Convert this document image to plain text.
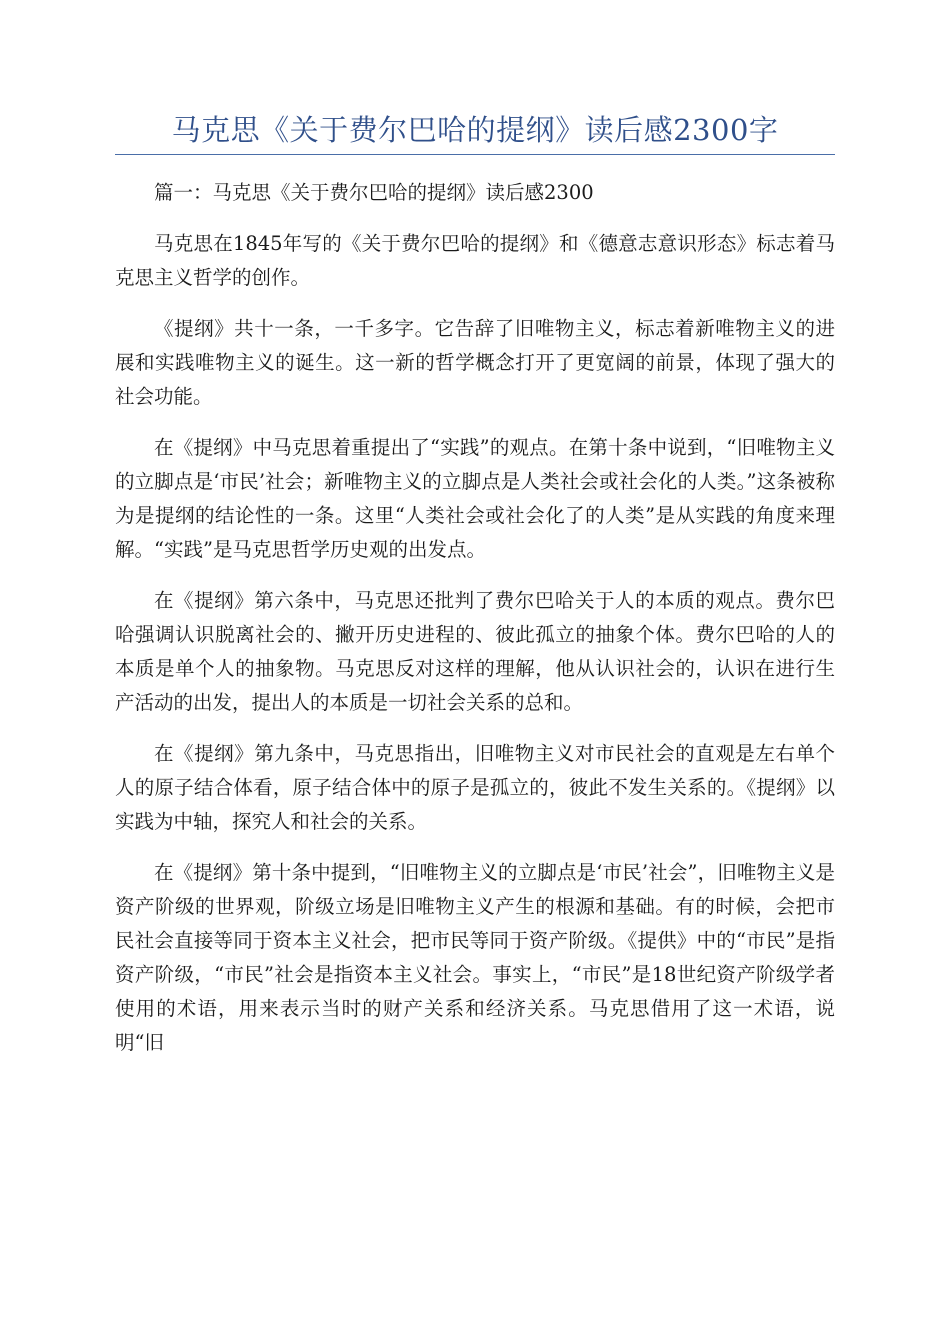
马克思《关于费尔巴哈的提纲》读后感2300字

篇一：马克思《关于费尔巴哈的提纲》读后感2300

马克思在1845年写的《关于费尔巴哈的提纲》和《德意志意识形态》标志着马克思主义哲学的创作。

《提纲》共十一条，一千多字。它告辞了旧唯物主义，标志着新唯物主义的进展和实践唯物主义的诞生。这一新的哲学概念打开了更宽阔的前景，体现了强大的社会功能。

在《提纲》中马克思着重提出了“实践”的观点。在第十条中说到，“旧唯物主义的立脚点是‘市民’社会；新唯物主义的立脚点是人类社会或社会化的人类。”这条被称为是提纲的结论性的一条。这里“人类社会或社会化了的人类”是从实践的角度来理解。“实践”是马克思哲学历史观的出发点。

在《提纲》第六条中，马克思还批判了费尔巴哈关于人的本质的观点。费尔巴哈强调认识脱离社会的、撇开历史进程的、彼此孤立的抽象个体。费尔巴哈的人的本质是单个人的抽象物。马克思反对这样的理解，他从认识社会的，认识在进行生产活动的出发，提出人的本质是一切社会关系的总和。

在《提纲》第九条中，马克思指出，旧唯物主义对市民社会的直观是左右单个人的原子结合体看，原子结合体中的原子是孤立的，彼此不发生关系的。《提纲》以实践为中轴，探究人和社会的关系。

在《提纲》第十条中提到，“旧唯物主义的立脚点是‘市民’社会”，旧唯物主义是资产阶级的世界观，阶级立场是旧唯物主义产生的根源和基础。有的时候，会把市民社会直接等同于资本主义社会，把市民等同于资产阶级。《提供》中的“市民”是指资产阶级，“市民”社会是指资本主义社会。事实上，“市民”是18世纪资产阶级学者使用的术语，用来表示当时的财产关系和经济关系。马克思借用了这一术语，说明“旧
